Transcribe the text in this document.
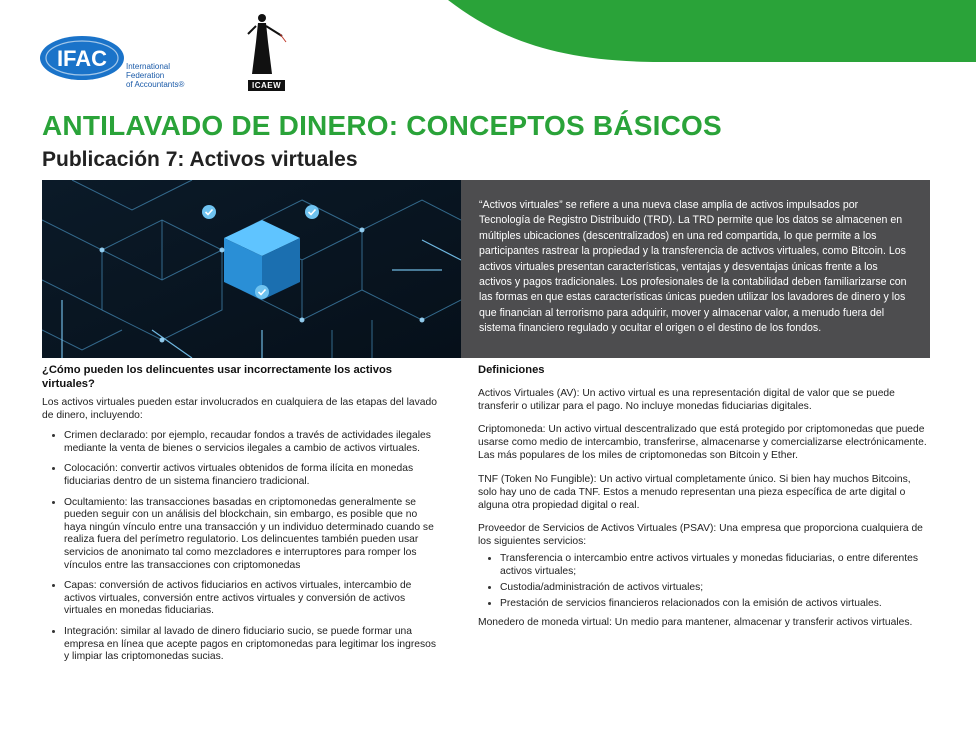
IFAC International
Federation
of Accountants®	ICAEW
ANTILAVADO DE DINERO: CONCEPTOS BÁSICOS
Publicación 7: Activos virtuales
“Activos virtuales” se refiere a una nueva clase amplia de activos impulsados por Tecnología de Registro Distribuido (TRD). La TRD permite que los datos se almacenen en múltiples ubicaciones (descentralizados) en una red compartida, lo que permite a los participantes rastrear la propiedad y la transferencia de activos virtuales, como Bitcoin. Los activos virtuales presentan características, ventajas y desventajas únicas frente a los activos y pagos tradicionales. Los profesionales de la contabilidad deben familiarizarse con las formas en que estas características únicas pueden utilizar los lavadores de dinero y los que financian al terrorismo para adquirir, mover y almacenar valor, a menudo fuera del sistema financiero regulado y ocultar el origen o el destino de los fondos.
¿Cómo pueden los delincuentes usar incorrectamente los activos virtuales?

Los activos virtuales pueden estar involucrados en cualquiera de las etapas del lavado de dinero, incluyendo:

• Crimen declarado: por ejemplo, recaudar fondos a través de actividades ilegales mediante la venta de bienes o servicios ilegales a cambio de activos virtuales.
• Colocación: convertir activos virtuales obtenidos de forma ilícita en monedas fiduciarias dentro de un sistema financiero tradicional.
• Ocultamiento: las transacciones basadas en criptomonedas generalmente se pueden seguir con un análisis del blockchain, sin embargo, es posible que no haya ningún vínculo entre una transacción y un individuo determinado cuando se realiza fuera del perímetro regulatorio. Los delincuentes también pueden usar servicios de anonimato tal como mezcladores e interruptores para romper los vínculos entre las transacciones con criptomonedas
• Capas: conversión de activos fiduciarios en activos virtuales, intercambio de activos virtuales, conversión entre activos virtuales y conversión de activos virtuales en monedas fiduciarias.
• Integración: similar al lavado de dinero fiduciario sucio, se puede formar una empresa en línea que acepte pagos en criptomonedas para legitimar los ingresos y limpiar las criptomonedas sucias.
Definiciones

Activos Virtuales (AV): Un activo virtual es una representación digital de valor que se puede transferir o utilizar para el pago. No incluye monedas fiduciarias digitales.

Criptomoneda: Un activo virtual descentralizado que está protegido por criptomonedas que puede usarse como medio de intercambio, transferirse, almacenarse y comercializarse electrónicamente. Las más populares de los miles de criptomonedas son Bitcoin y Ether.

TNF (Token No Fungible): Un activo virtual completamente único. Si bien hay muchos Bitcoins, solo hay uno de cada TNF. Estos a menudo representan una pieza específica de arte digital o alguna otra propiedad digital o real.

Proveedor de Servicios de Activos Virtuales (PSAV): Una empresa que proporciona cualquiera de los siguientes servicios:

• Transferencia o intercambio entre activos virtuales y monedas fiduciarias, o entre diferentes activos virtuales;
• Custodia/administración de activos virtuales;
• Prestación de servicios financieros relacionados con la emisión de activos virtuales.

Monedero de moneda virtual: Un medio para mantener, almacenar y transferir activos virtuales.
